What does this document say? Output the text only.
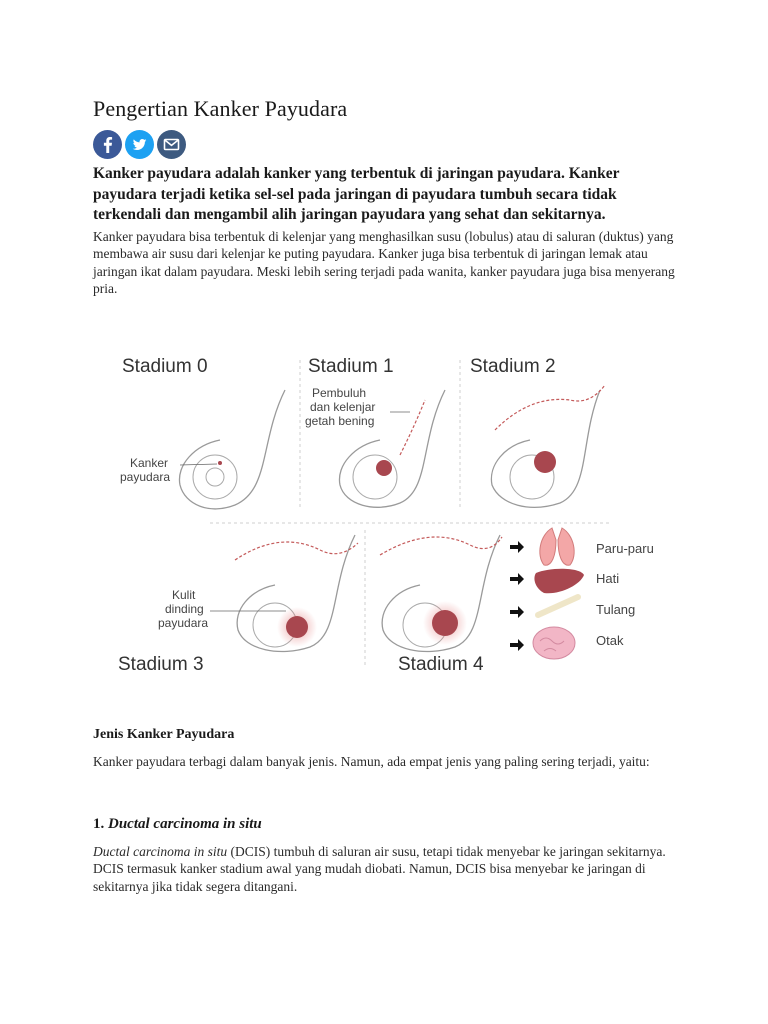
Pengertian Kanker Payudara

Kanker payudara adalah kanker yang terbentuk di jaringan payudara. Kanker payudara terjadi ketika sel-sel pada jaringan di payudara tumbuh secara tidak terkendali dan mengambil alih jaringan payudara yang sehat dan sekitarnya.

Kanker payudara bisa terbentuk di kelenjar yang menghasilkan susu (lobulus) atau di saluran (duktus) yang membawa air susu dari kelenjar ke puting payudara. Kanker juga bisa terbentuk di jaringan lemak atau jaringan ikat dalam payudara. Meski lebih sering terjadi pada wanita, kanker payudara juga bisa menyerang pria.

Stadium 0
Kanker
payudara
Stadium 1
Pembuluh
dan kelenjar
getah bening
Stadium 2
Stadium 3
Kulit
dinding
payudara
Stadium 4
Paru-paru
Hati
Tulang
Otak
Jenis Kanker Payudara

Kanker payudara terbagi dalam banyak jenis. Namun, ada empat jenis yang paling sering terjadi, yaitu:

1. Ductal carcinoma in situ

Ductal carcinoma in situ (DCIS) tumbuh di saluran air susu, tetapi tidak menyebar ke jaringan sekitarnya. DCIS termasuk kanker stadium awal yang mudah diobati. Namun, DCIS bisa menyebar ke jaringan di sekitarnya jika tidak segera ditangani.
